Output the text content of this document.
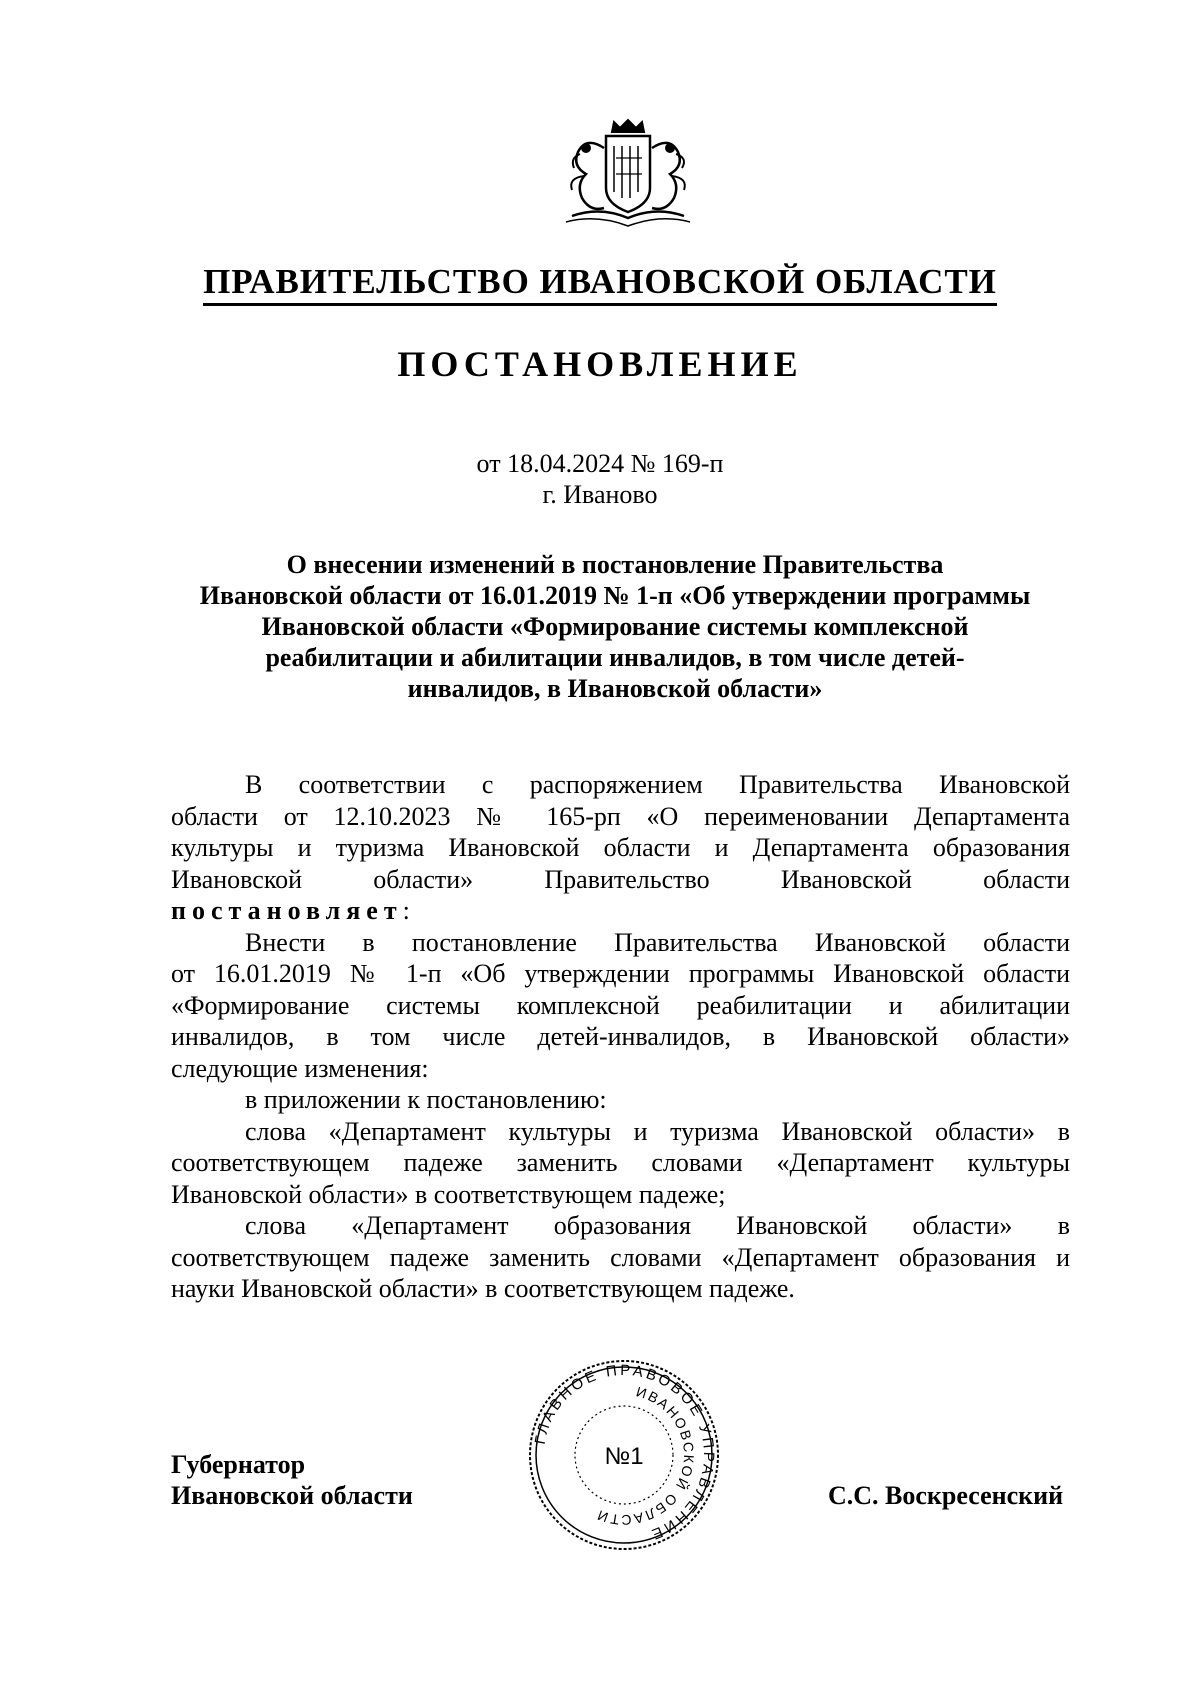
ПРАВИТЕЛЬСТВО ИВАНОВСКОЙ ОБЛАСТИ
ПОСТАНОВЛЕНИЕ
от 18.04.2024 № 169-п
г. Иваново
О внесении изменений в постановление Правительства
Ивановской области от 16.01.2019 № 1-п «Об утверждении программы
Ивановской области «Формирование системы комплексной
реабилитации и абилитации инвалидов, в том числе детей-
инвалидов, в Ивановской области»
В соответствии с распоряжением Правительства Ивановской
области от 12.10.2023 № 165-рп «О переименовании Департамента
культуры и туризма Ивановской области и Департамента образования
Ивановской области» Правительство Ивановской области
постановляет:
Внести в постановление Правительства Ивановской области
от 16.01.2019 № 1-п «Об утверждении программы Ивановской области
«Формирование системы комплексной реабилитации и абилитации
инвалидов, в том числе детей-инвалидов, в Ивановской области»
следующие изменения:
в приложении к постановлению:
слова «Департамент культуры и туризма Ивановской области» в
соответствующем падеже заменить словами «Департамент культуры
Ивановской области» в соответствующем падеже;
слова «Департамент образования Ивановской области» в
соответствующем падеже заменить словами «Департамент образования и
науки Ивановской области» в соответствующем падеже.
Губернатор
Ивановской области
ГЛАВНОЕ ПРАВОВОЕ УПРАВЛЕНИЕ
ИВАНОВСКОЙ ОБЛАСТИ
№1
С.С. Воскресенский
